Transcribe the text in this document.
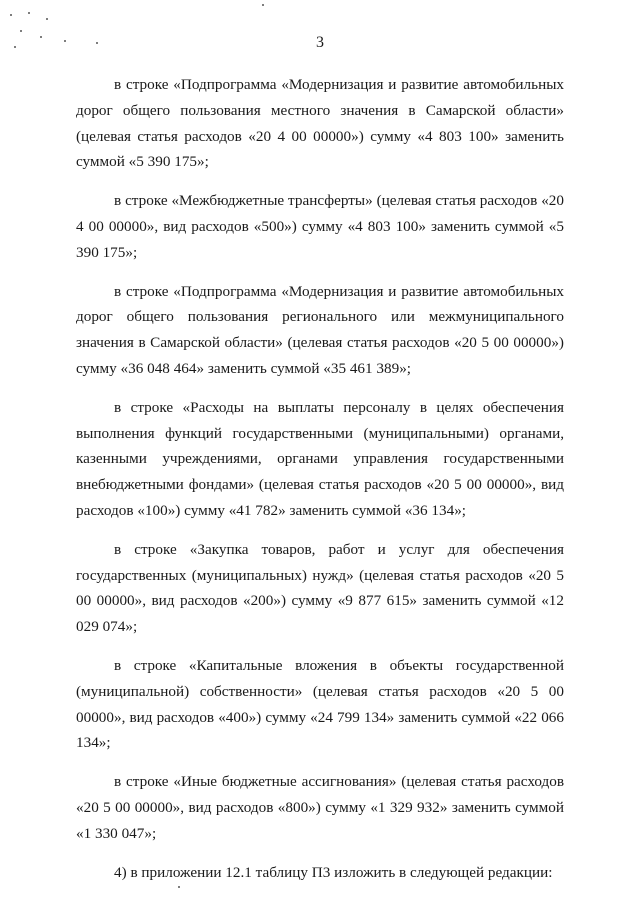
3

в строке «Подпрограмма «Модернизация и развитие автомобильных дорог общего пользования местного значения в Самарской области» (целевая статья расходов «20 4 00 00000») сумму «4 803 100» заменить суммой «5 390 175»;

в строке «Межбюджетные трансферты» (целевая статья расходов «20 4 00 00000», вид расходов «500») сумму «4 803 100» заменить суммой «5 390 175»;

в строке «Подпрограмма «Модернизация и развитие автомобильных дорог общего пользования регионального или межмуниципального значения в Самарской области» (целевая статья расходов «20 5 00 00000») сумму «36 048 464» заменить суммой «35 461 389»;

в строке «Расходы на выплаты персоналу в целях обеспечения выполнения функций государственными (муниципальными) органами, казенными учреждениями, органами управления государственными внебюджетными фондами» (целевая статья расходов «20 5 00 00000», вид расходов «100») сумму «41 782» заменить суммой «36 134»;

в строке «Закупка товаров, работ и услуг для обеспечения государственных (муниципальных) нужд» (целевая статья расходов «20 5 00 00000», вид расходов «200») сумму «9 877 615» заменить суммой «12 029 074»;

в строке «Капитальные вложения в объекты государственной (муниципальной) собственности» (целевая статья расходов «20 5 00 00000», вид расходов «400») сумму «24 799 134» заменить суммой «22 066 134»;

в строке «Иные бюджетные ассигнования» (целевая статья расходов «20 5 00 00000», вид расходов «800») сумму «1 329 932» заменить суммой «1 330 047»;

4) в приложении 12.1 таблицу П3 изложить в следующей редакции:
